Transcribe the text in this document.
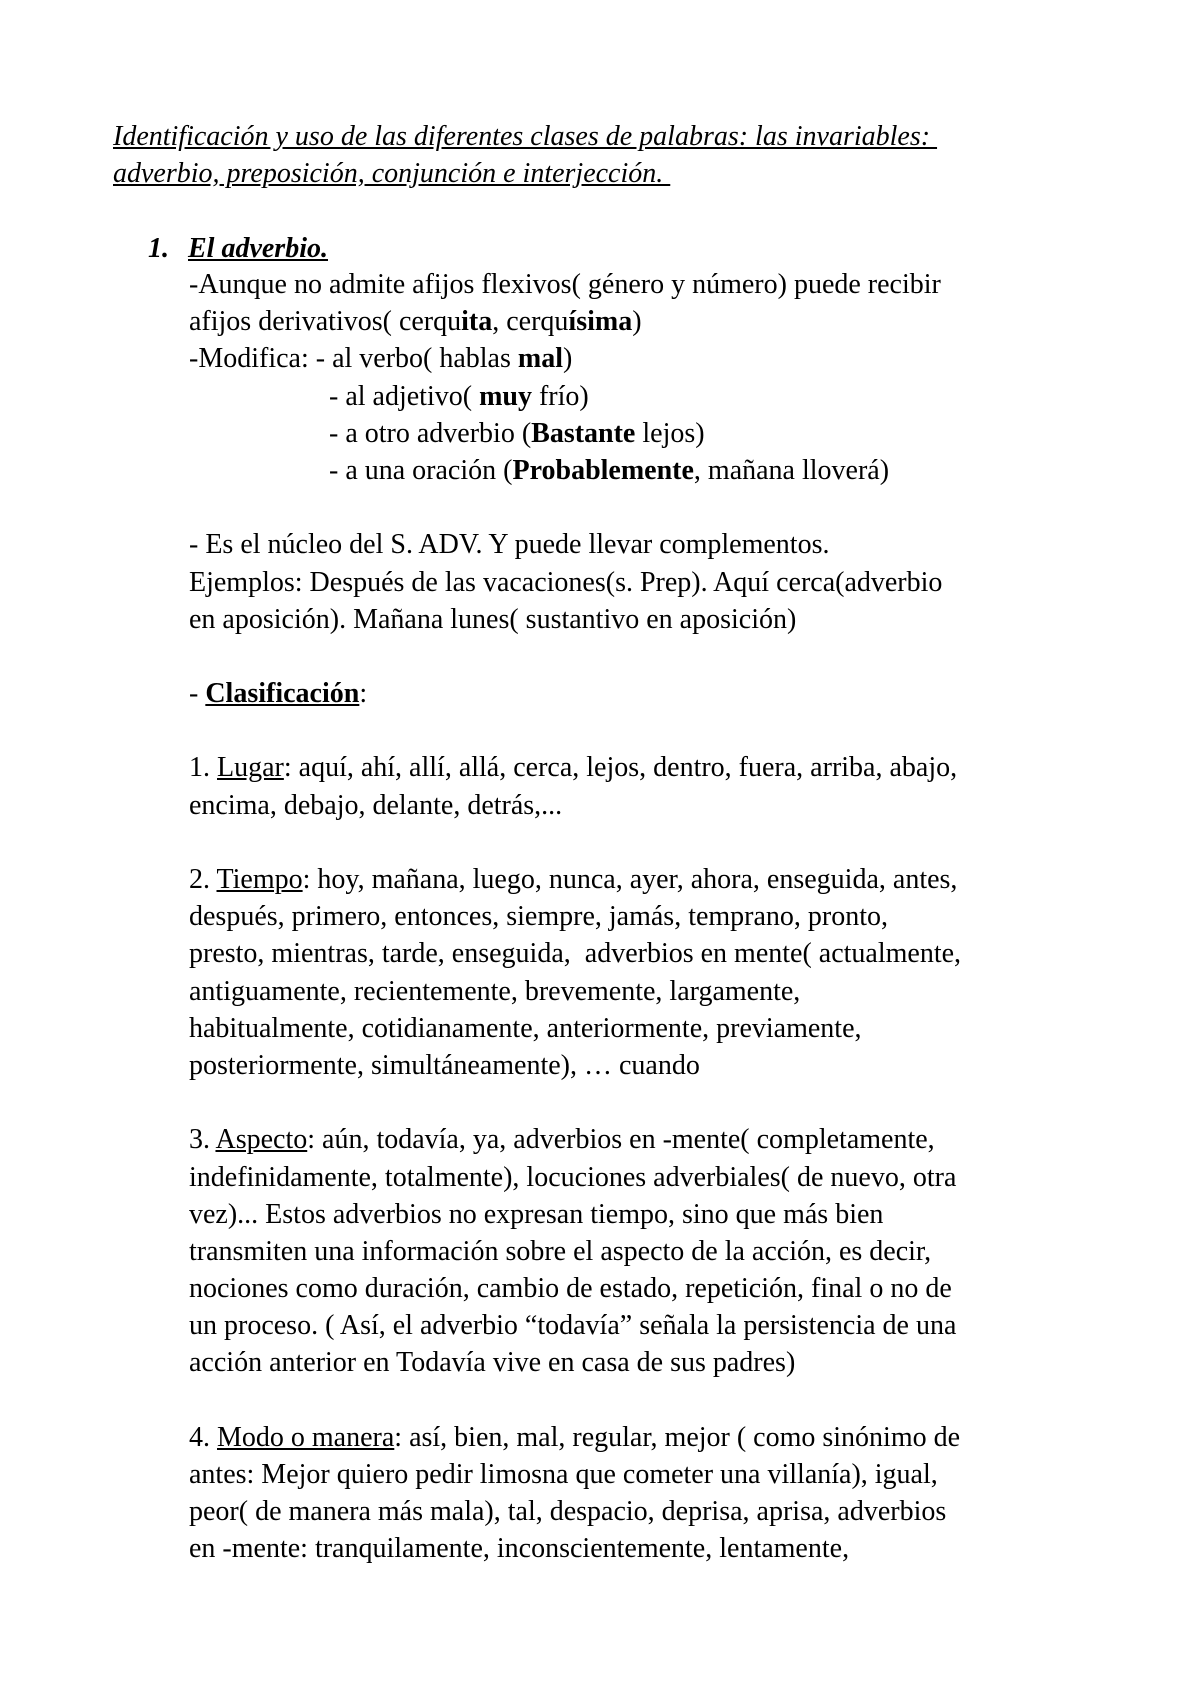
Identificación y uso de las diferentes clases de palabras: las invariables:

adverbio, preposición, conjunción e interjección.

1. El adverbio.
-Aunque no admite afijos flexivos( género y número) puede recibir
afijos derivativos( cerquita, cerquísima)
-Modifica: - al verbo( hablas mal)
- al adjetivo( muy frío)
- a otro adverbio (Bastante lejos)
- a una oración (Probablemente, mañana lloverá)
- Es el núcleo del S. ADV. Y puede llevar complementos.
Ejemplos: Después de las vacaciones(s. Prep). Aquí cerca(adverbio
en aposición). Mañana lunes( sustantivo en aposición)
- Clasificación:
1. Lugar: aquí, ahí, allí, allá, cerca, lejos, dentro, fuera, arriba, abajo,
encima, debajo, delante, detrás,...
2. Tiempo: hoy, mañana, luego, nunca, ayer, ahora, enseguida, antes,
después, primero, entonces, siempre, jamás, temprano, pronto,
presto, mientras, tarde, enseguida,  adverbios en mente( actualmente,
antiguamente, recientemente, brevemente, largamente,
habitualmente, cotidianamente, anteriormente, previamente,
posteriormente, simultáneamente), … cuando
3. Aspecto: aún, todavía, ya, adverbios en -mente( completamente,
indefinidamente, totalmente), locuciones adverbiales( de nuevo, otra
vez)... Estos adverbios no expresan tiempo, sino que más bien
transmiten una información sobre el aspecto de la acción, es decir,
nociones como duración, cambio de estado, repetición, final o no de
un proceso. ( Así, el adverbio “todavía” señala la persistencia de una
acción anterior en Todavía vive en casa de sus padres)
4. Modo o manera: así, bien, mal, regular, mejor ( como sinónimo de
antes: Mejor quiero pedir limosna que cometer una villanía), igual,
peor( de manera más mala), tal, despacio, deprisa, aprisa, adverbios
en -mente: tranquilamente, inconscientemente, lentamente,
